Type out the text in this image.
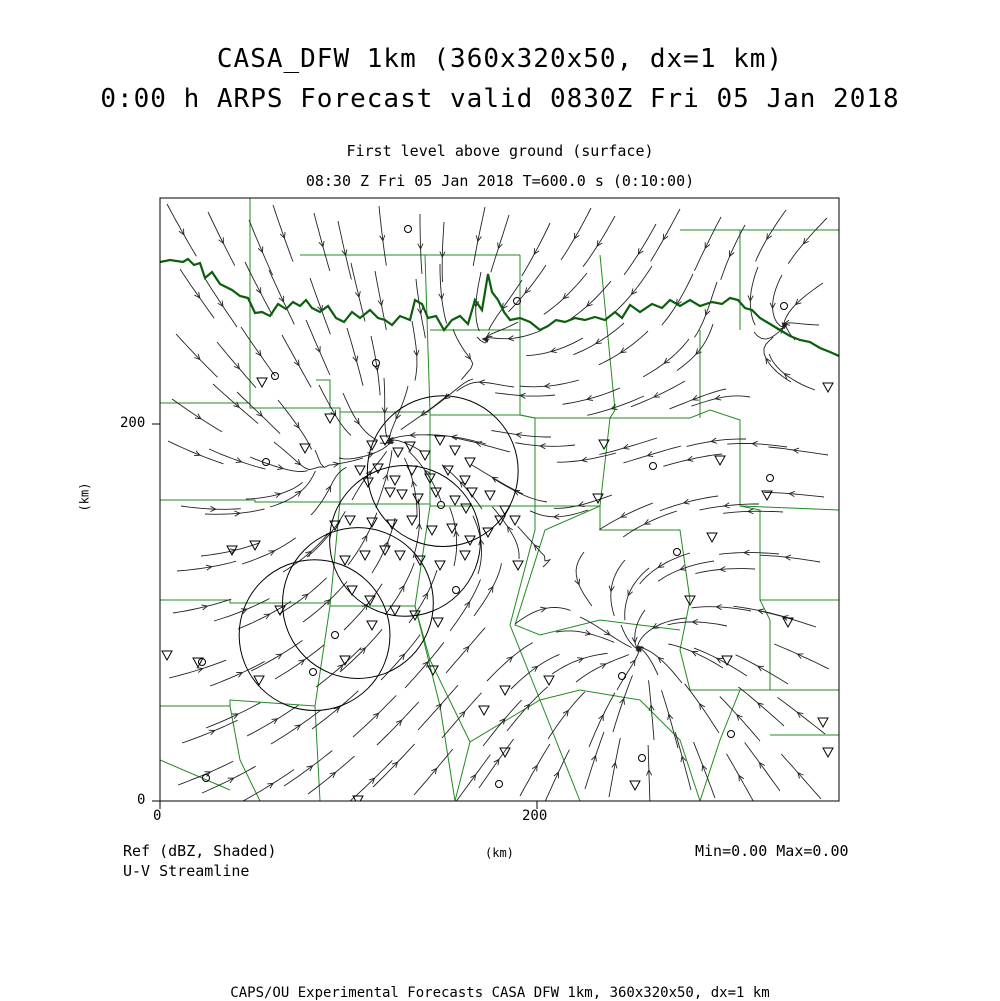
CASA_DFW 1km (360x320x50, dx=1 km)
0:00 h ARPS Forecast valid 0830Z Fri 05 Jan 2018
First level above ground (surface)
08:30 Z Fri 05 Jan 2018 T=600.0 s (0:10:00)
0	200
0
200
(km)
(km)
Ref (dBZ, Shaded)
U-V Streamline
Min=0.00 Max=0.00
CAPS/OU Experimental Forecasts CASA DFW 1km, 360x320x50, dx=1 km
